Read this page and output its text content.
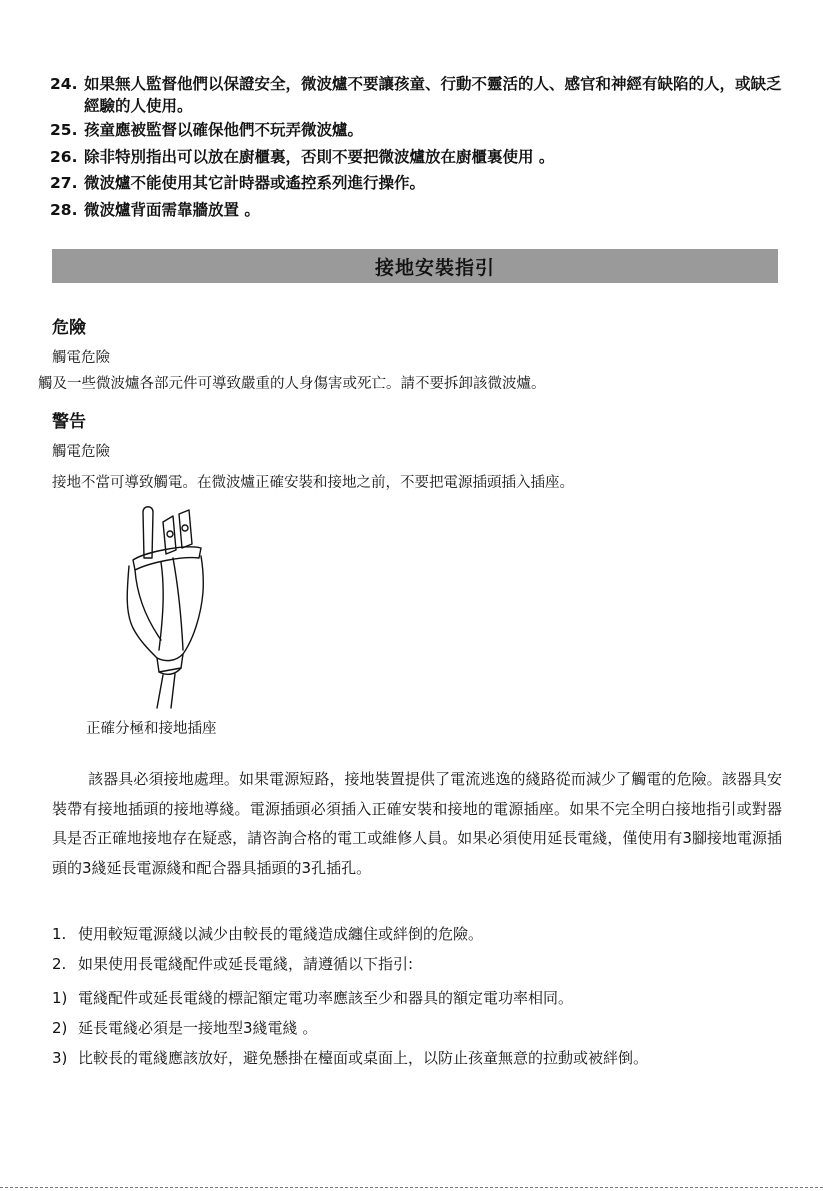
24. 如果無人監督他們以保證安全，微波爐不要讓孩童、行動不靈活的人、感官和神經有缺陷的人，或缺乏經驗的人使用。
25. 孩童應被監督以確保他們不玩弄微波爐。
26. 除非特別指出可以放在廚櫃裏，否則不要把微波爐放在廚櫃裏使用 。
27. 微波爐不能使用其它計時器或遙控系列進行操作。
28. 微波爐背面需靠牆放置 。
接地安裝指引
危險
觸電危險
觸及一些微波爐各部元件可導致嚴重的人身傷害或死亡。請不要拆卸該微波爐。
警告
觸電危險
接地不當可導致觸電。在微波爐正確安裝和接地之前，不要把電源插頭插入插座。
正確分極和接地插座
該器具必須接地處理。如果電源短路，接地裝置提供了電流逃逸的綫路從而減少了觸電的危險。該器具安裝帶有接地插頭的接地導綫。電源插頭必須插入正確安裝和接地的電源插座。如果不完全明白接地指引或對器具是否正確地接地存在疑惑，請咨詢合格的電工或維修人員。如果必須使用延長電綫，僅使用有3腳接地電源插頭的3綫延長電源綫和配合器具插頭的3孔插孔。
1. 使用較短電源綫以減少由較長的電綫造成纏住或絆倒的危險。
2. 如果使用長電綫配件或延長電綫，請遵循以下指引:
1) 電綫配件或延長電綫的標記額定電功率應該至少和器具的額定電功率相同。
2) 延長電綫必須是一接地型3綫電綫 。
3) 比較長的電綫應該放好，避免懸掛在檯面或桌面上，以防止孩童無意的拉動或被絆倒。
